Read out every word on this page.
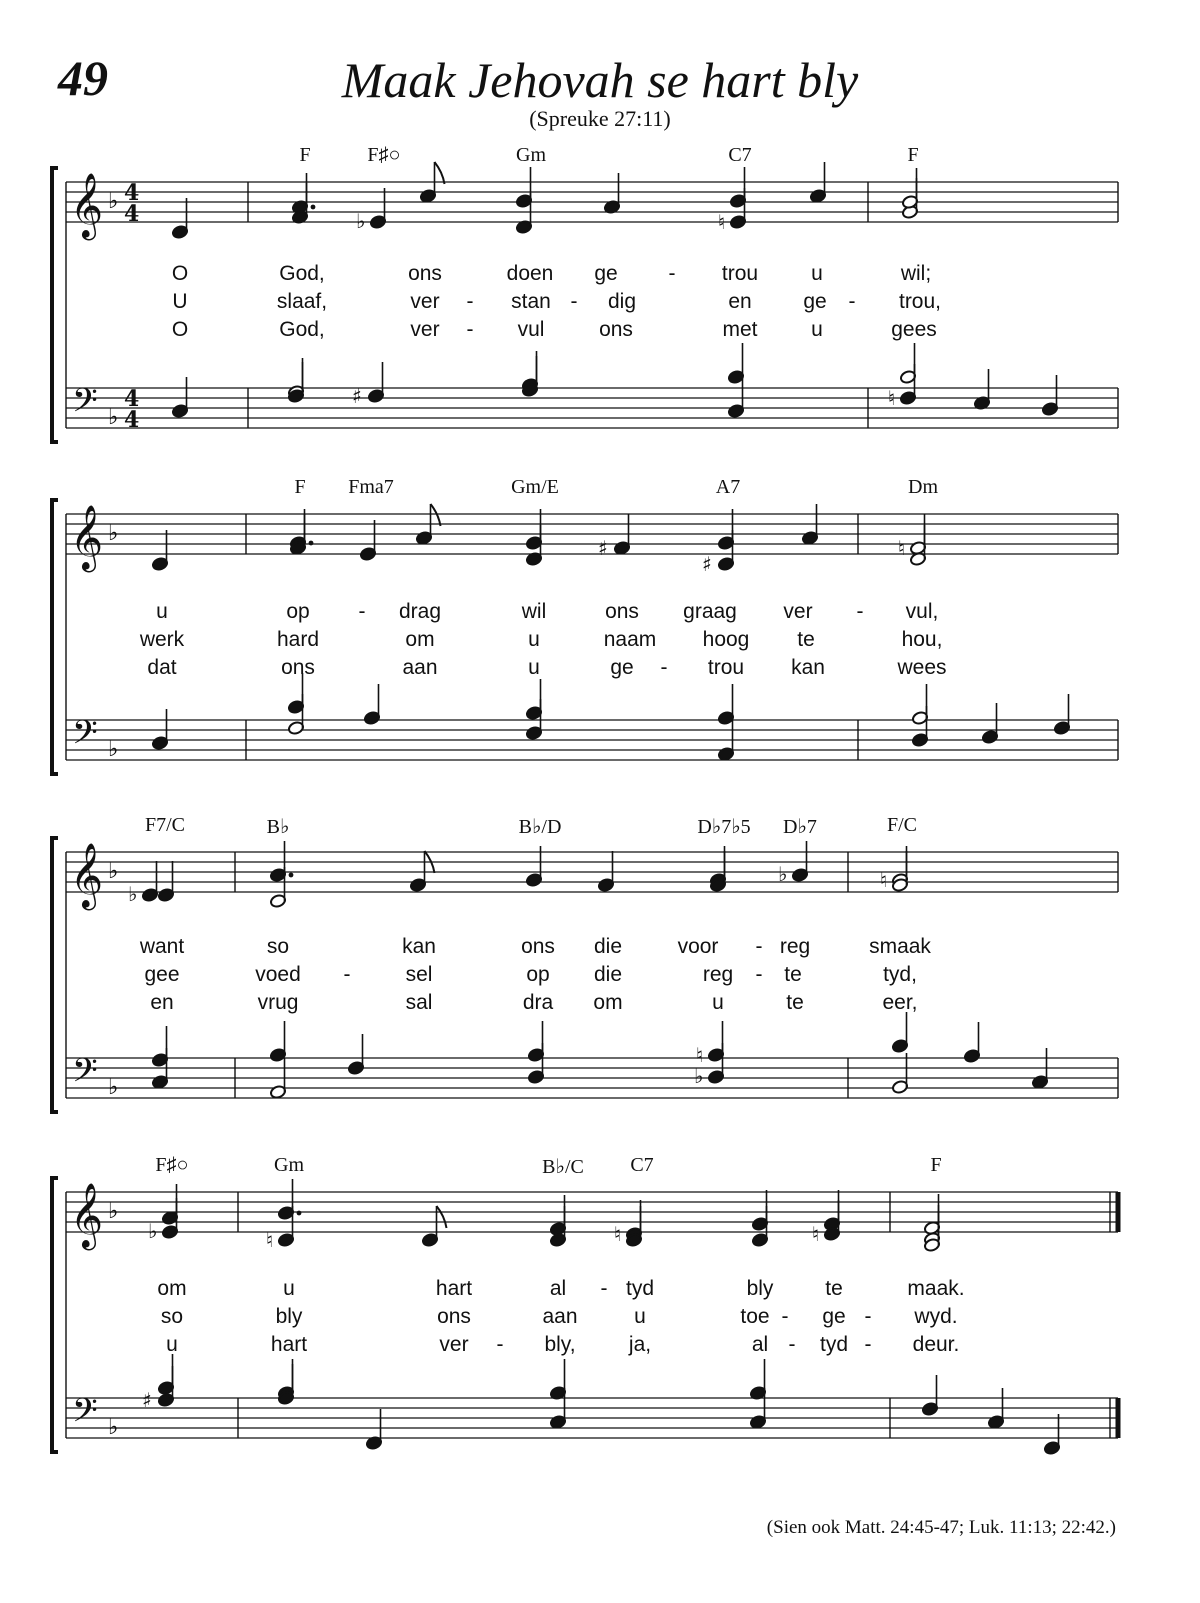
49	Maak Jehovah se hart bly
(Spreuke 27:11)
𝄞
𝄢
♭
♭
4
4
4
4
♭	♮
♯	♮
𝄞
𝄢
♭
♭
♯
♯
♮
𝄞
𝄢
♭
♭
♭
♭	♮
♮
♭
𝄞
𝄢
♭
♭
♭	♮	♮	♮
♯
F	F♯○	Gm	C7	F
O	God,	ons	doen ge - trou	u	wil;
U	slaaf,	ver - stan - dig	en ge - trou,
O	God,	ver - vul	ons	met	u	gees
F Fma7	Gm/E	A7	Dm
u	op - drag	wil	ons graag ver - vul,
werk	hard	om	u	naam hoog te	hou,
dat	ons	aan	u	ge - trou kan	wees
F7/C	B♭	B♭/D	D♭7♭5 D♭7	F/C
want	so	kan	ons die	voor - reg	smaak
gee	voed -	sel	op die	reg - te	tyd,
en	vrug	sal	dra om	u	te	eer,
F♯○	Gm	B♭/C C7	F
om	u	hart	al - tyd	bly te	maak.
so	bly	ons	aan	u	toe - ge - wyd.
u	hart	ver - bly,	ja,	al - tyd - deur.
(Sien ook Matt. 24:45-47; Luk. 11:13; 22:42.)
